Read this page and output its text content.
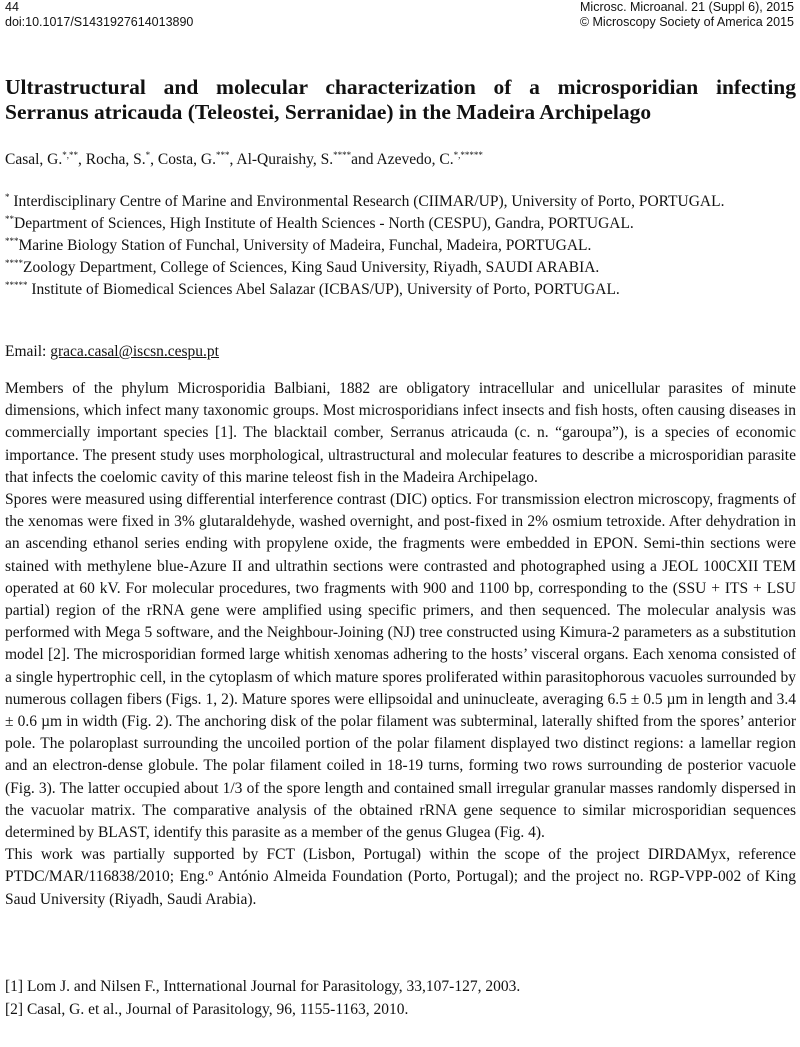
44	Microsc. Microanal. 21 (Suppl 6), 2015
doi:10.1017/S1431927614013890	© Microscopy Society of America 2015
Ultrastructural and molecular characterization of a microsporidian infecting Serranus atricauda (Teleostei, Serranidae) in the Madeira Archipelago
Casal, G.*,**, Rocha, S.*, Costa, G.***, Al-Quraishy, S.****and Azevedo, C.*,*****
* Interdisciplinary Centre of Marine and Environmental Research (CIIMAR/UP), University of Porto, PORTUGAL.
**Department of Sciences, High Institute of Health Sciences - North (CESPU), Gandra, PORTUGAL.
***Marine Biology Station of Funchal, University of Madeira, Funchal, Madeira, PORTUGAL.
****Zoology Department, College of Sciences, King Saud University, Riyadh, SAUDI ARABIA.
***** Institute of Biomedical Sciences Abel Salazar (ICBAS/UP), University of Porto, PORTUGAL.
Email: graca.casal@iscsn.cespu.pt

Members of the phylum Microsporidia Balbiani, 1882 are obligatory intracellular and unicellular parasites of minute dimensions, which infect many taxonomic groups. Most microsporidians infect insects and fish hosts, often causing diseases in commercially important species [1]. The blacktail comber, Serranus atricauda (c. n. “garoupa”), is a species of economic importance. The present study uses morphological, ultrastructural and molecular features to describe a microsporidian parasite that infects the coelomic cavity of this marine teleost fish in the Madeira Archipelago.

Spores were measured using differential interference contrast (DIC) optics. For transmission electron microscopy, fragments of the xenomas were fixed in 3% glutaraldehyde, washed overnight, and post-fixed in 2% osmium tetroxide. After dehydration in an ascending ethanol series ending with propylene oxide, the fragments were embedded in EPON. Semi-thin sections were stained with methylene blue-Azure II and ultrathin sections were contrasted and photographed using a JEOL 100CXII TEM operated at 60 kV. For molecular procedures, two fragments with 900 and 1100 bp, corresponding to the (SSU + ITS + LSU partial) region of the rRNA gene were amplified using specific primers, and then sequenced. The molecular analysis was performed with Mega 5 software, and the Neighbour-Joining (NJ) tree constructed using Kimura-2 parameters as a substitution model [2]. The microsporidian formed large whitish xenomas adhering to the hosts’ visceral organs. Each xenoma consisted of a single hypertrophic cell, in the cytoplasm of which mature spores proliferated within parasitophorous vacuoles surrounded by numerous collagen fibers (Figs. 1, 2). Mature spores were ellipsoidal and uninucleate, averaging 6.5 ± 0.5 µm in length and 3.4 ± 0.6 µm in width (Fig. 2). The anchoring disk of the polar filament was subterminal, laterally shifted from the spores’ anterior pole. The polaroplast surrounding the uncoiled portion of the polar filament displayed two distinct regions: a lamellar region and an electron-dense globule. The polar filament coiled in 18-19 turns, forming two rows surrounding de posterior vacuole (Fig. 3). The latter occupied about 1/3 of the spore length and contained small irregular granular masses randomly dispersed in the vacuolar matrix. The comparative analysis of the obtained rRNA gene sequence to similar microsporidian sequences determined by BLAST, identify this parasite as a member of the genus Glugea (Fig. 4).

This work was partially supported by FCT (Lisbon, Portugal) within the scope of the project DIRDAMyx, reference PTDC/MAR/116838/2010; Eng.º António Almeida Foundation (Porto, Portugal); and the project no. RGP-VPP-002 of King Saud University (Riyadh, Saudi Arabia).

[1] Lom J. and Nilsen F., Intternational Journal for Parasitology, 33,107-127, 2003.
[2] Casal, G. et al., Journal of Parasitology, 96, 1155-1163, 2010.
